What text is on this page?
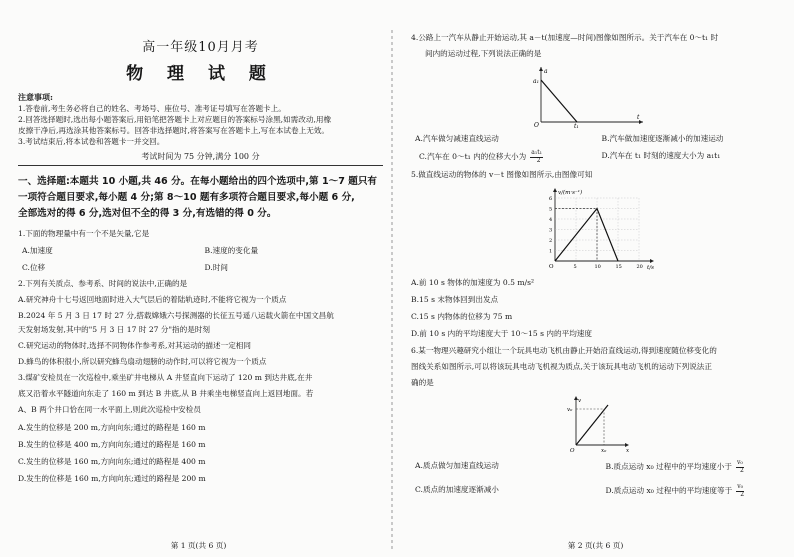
高一年级10月月考
物 理 试 题
注意事项:

1.答卷前,考生务必将自己的姓名、考场号、座位号、准考证号填写在答题卡上。

2.回答选择题时,选出每小题答案后,用铅笔把答题卡上对应题目的答案标号涂黑,如需改动,用橡

皮擦干净后,再选涂其他答案标号。回答非选择题时,将答案写在答题卡上,写在本试卷上无效。

3.考试结束后,将本试卷和答题卡一并交回。

考试时间为 75 分钟,满分 100 分
一、选择题:本题共 10 小题,共 46 分。在每小题给出的四个选项中,第 1～7 题只有
一项符合题目要求,每小题 4 分;第 8～10 题有多项符合题目要求,每小题 6 分,
全部选对的得 6 分,选对但不全的得 3 分,有选错的得 0 分。

1.下面的物理量中有一个不是矢量,它是

A.加速度	B.速度的变化量
C.位移	D.时间

2.下列有关质点、参考系、时间的说法中,正确的是

A.研究神舟十七号返回地面时进入大气层后的着陆轨迹时,不能将它视为一个质点

B.2024 年 5 月 3 日 17 时 27 分,搭载嫦娥六号探测器的长征五号遥八运载火箭在中国文昌航

天发射场发射,其中的"5 月 3 日 17 时 27 分"指的是时刻

C.研究运动的物体时,选择不同物体作参考系,对其运动的描述一定相同

D.蜂鸟的体积很小,所以研究蜂鸟扇动翅膀的动作时,可以将它视为一个质点

3.煤矿安检员在一次巡检中,乘坐矿井电梯从 A 井竖直向下运动了 120 m 到达井底,在井

底又沿着水平隧道向东走了 160 m 到达 B 井底,从 B 井乘坐电梯竖直向上返回地面。若

A、B 两个井口恰在同一水平面上,则此次巡检中安检员

A.发生的位移是 200 m,方向向东;通过的路程是 160 m
B.发生的位移是 400 m,方向向东;通过的路程是 160 m
C.发生的位移是 160 m,方向向东;通过的路程是 400 m
D.发生的位移是 160 m,方向向东;通过的路程是 200 m
第 1 页(共 6 页)

4.公路上一汽车从静止开始运动,其 a－t(加速度—时间)图像如图所示。关于汽车在 0～t₁ 时

间内的运动过程,下列说法正确的是

a
a₁
O	t₁
t
A.汽车做匀减速直线运动	B.汽车做加速度逐渐减小的加速运动
C.汽车在 0～t₁ 内的位移大小为 $\frac{\text{a₁t₁}}{2}$	D.汽车在 t₁ 时刻的速度大小为 a₁t₁

5.做直线运动的物体的 v－t 图像如图所示,由图像可知

6
5
4
3
2
1
5	10	15	20
v/(m·s⁻¹)
t/s
O
A.前 10 s 物体的加速度为 0.5 m/s²
B.15 s 末物体回到出发点
C.15 s 内物体的位移为 75 m
D.前 10 s 内的平均速度大于 10～15 s 内的平均速度

6.某一物理兴趣研究小组让一个玩具电动飞机由静止开始沿直线运动,得到速度随位移变化的

图线关系如图所示,可以将该玩具电动飞机视为质点,关于该玩具电动飞机的运动下列说法正

确的是

v
v₀
O	x₀	x
A.质点做匀加速直线运动	B.质点运动 x₀ 过程中的平均速度小于 $\frac{\text{v₀}}{2}$
C.质点的加速度逐渐减小	D.质点运动 x₀ 过程中的平均速度等于 $\frac{\text{v₀}}{2}$
第 2 页(共 6 页)
